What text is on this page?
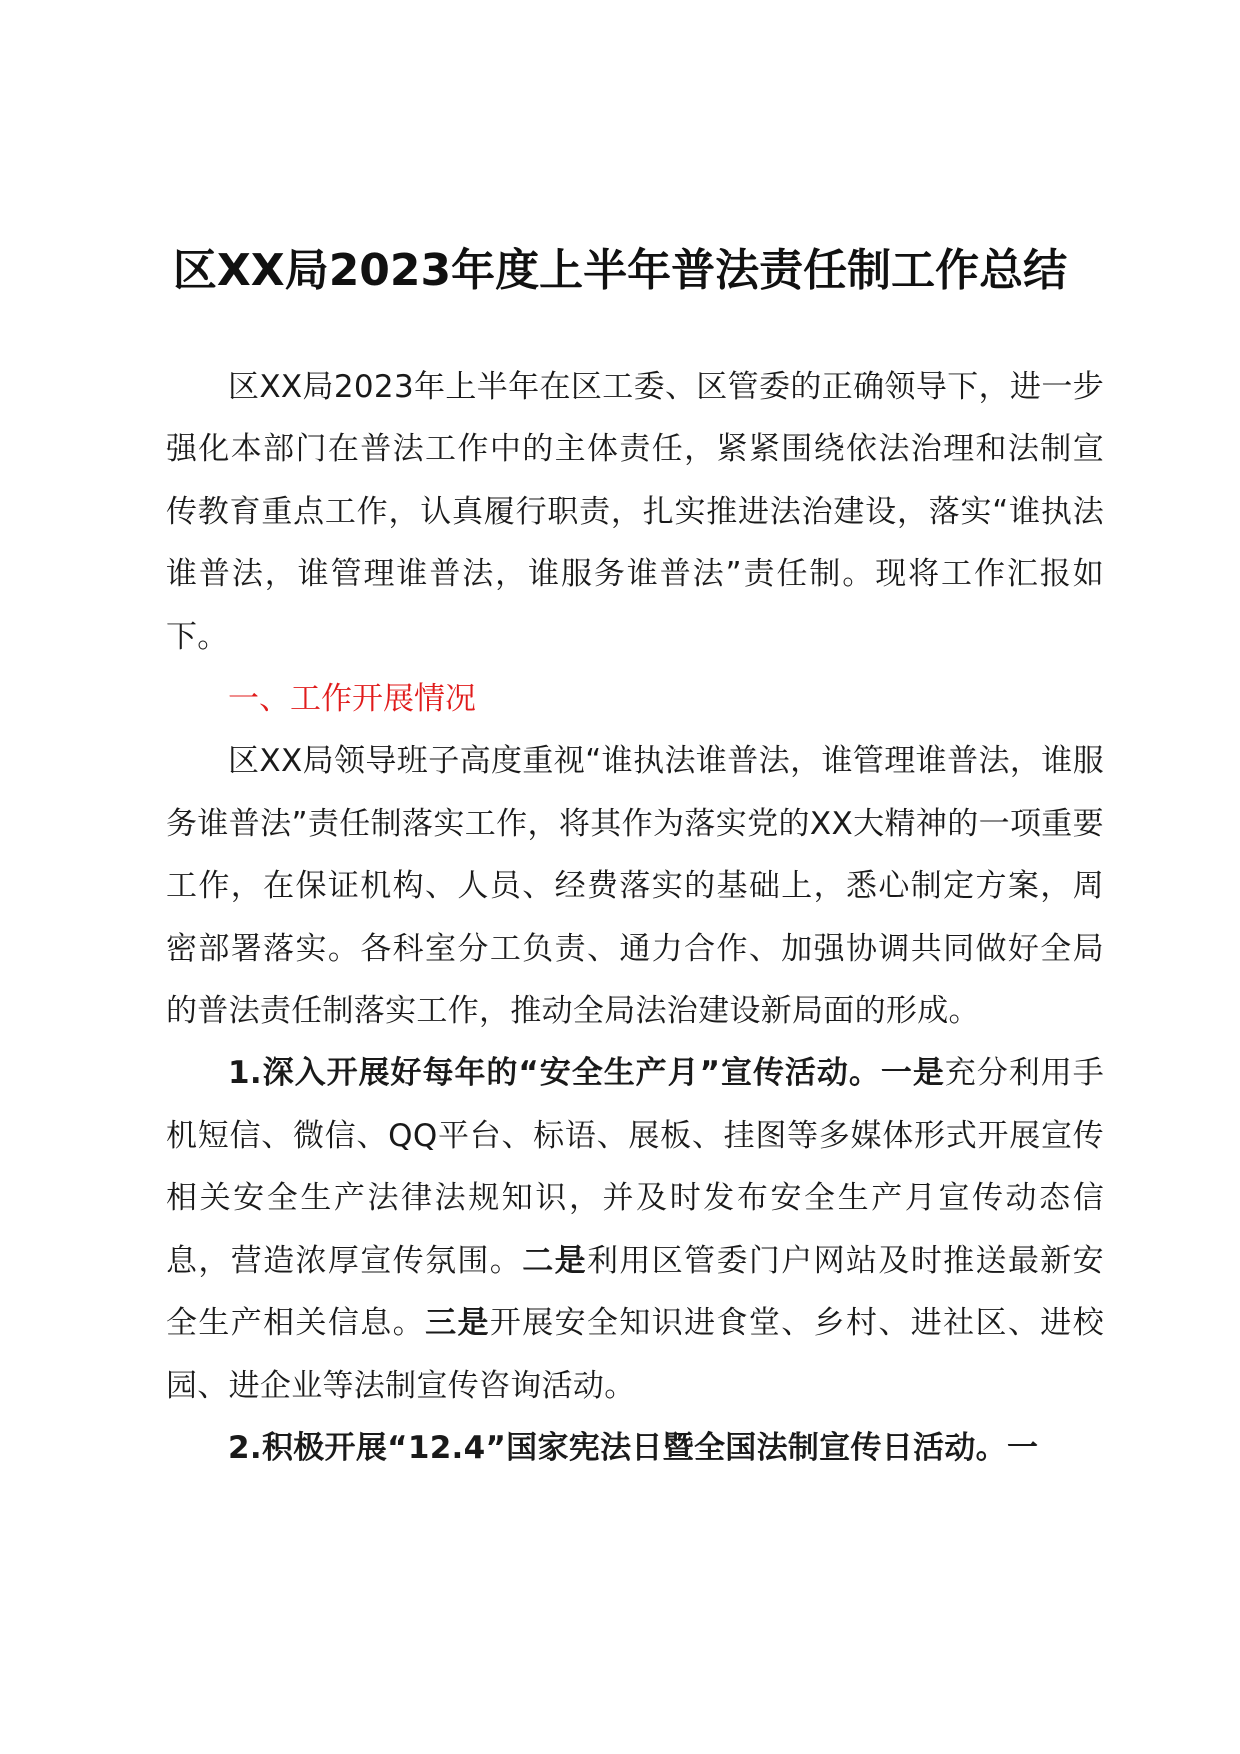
区XX局2023年度上半年普法责任制工作总结

区XX局2023年上半年在区工委、区管委的正确领导下，进一步强化本部门在普法工作中的主体责任，紧紧围绕依法治理和法制宣传教育重点工作，认真履行职责，扎实推进法治建设，落实“谁执法谁普法，谁管理谁普法，谁服务谁普法”责任制。现将工作汇报如下。

一、工作开展情况

区XX局领导班子高度重视“谁执法谁普法，谁管理谁普法，谁服务谁普法”责任制落实工作，将其作为落实党的XX大精神的一项重要工作，在保证机构、人员、经费落实的基础上，悉心制定方案，周密部署落实。各科室分工负责、通力合作、加强协调共同做好全局的普法责任制落实工作，推动全局法治建设新局面的形成。

1.深入开展好每年的“安全生产月”宣传活动。一是充分利用手机短信、微信、QQ平台、标语、展板、挂图等多媒体形式开展宣传相关安全生产法律法规知识，并及时发布安全生产月宣传动态信息，营造浓厚宣传氛围。二是利用区管委门户网站及时推送最新安全生产相关信息。三是开展安全知识进食堂、乡村、进社区、进校园、进企业等法制宣传咨询活动。

2.积极开展“12.4”国家宪法日暨全国法制宣传日活动。一
